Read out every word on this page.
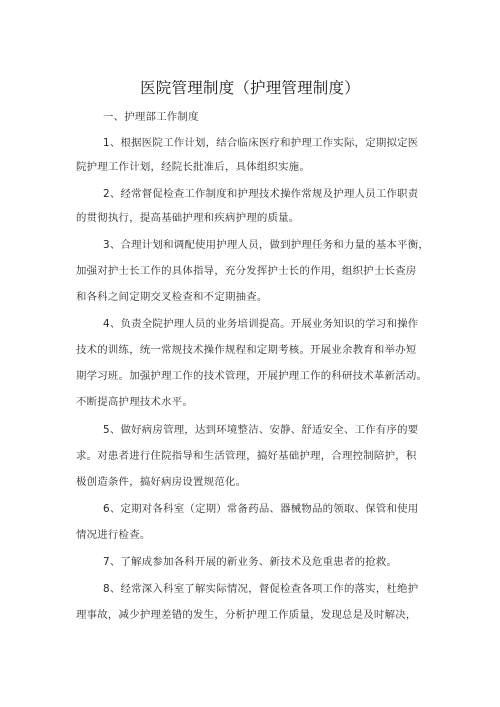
医院管理制度（护理管理制度）
一、护理部工作制度
1、根据医院工作计划，结合临床医疗和护理工作实际，定期拟定医
院护理工作计划，经院长批准后，具体组织实施。
2、经常督促检查工作制度和护理技术操作常规及护理人员工作职责
的贯彻执行，提高基础护理和疾病护理的质量。
3、合理计划和调配使用护理人员，做到护理任务和力量的基本平衡，
加强对护士长工作的具体指导，充分发挥护士长的作用，组织护士长查房
和各科之间定期交叉检查和不定期抽查。
4、负责全院护理人员的业务培训提高。开展业务知识的学习和操作
技术的训练，统一常规技术操作规程和定期考核。开展业余教育和举办短
期学习班。加强护理工作的技术管理，开展护理工作的科研技术革新活动。
不断提高护理技术水平。
5、做好病房管理，达到环境整洁、安静、舒适安全、工作有序的要
求。对患者进行住院指导和生活管理，搞好基础护理，合理控制陪护，积
极创造条件，搞好病房设置规范化。
6、定期对各科室（定期）常备药品、器械物品的领取、保管和使用
情况进行检查。
7、了解成参加各科开展的新业务、新技术及危重患者的抢救。
8、经常深入科室了解实际情况，督促检查各项工作的落实，杜绝护
理事故，减少护理差错的发生，分析护理工作质量，发现总是及时解决，
